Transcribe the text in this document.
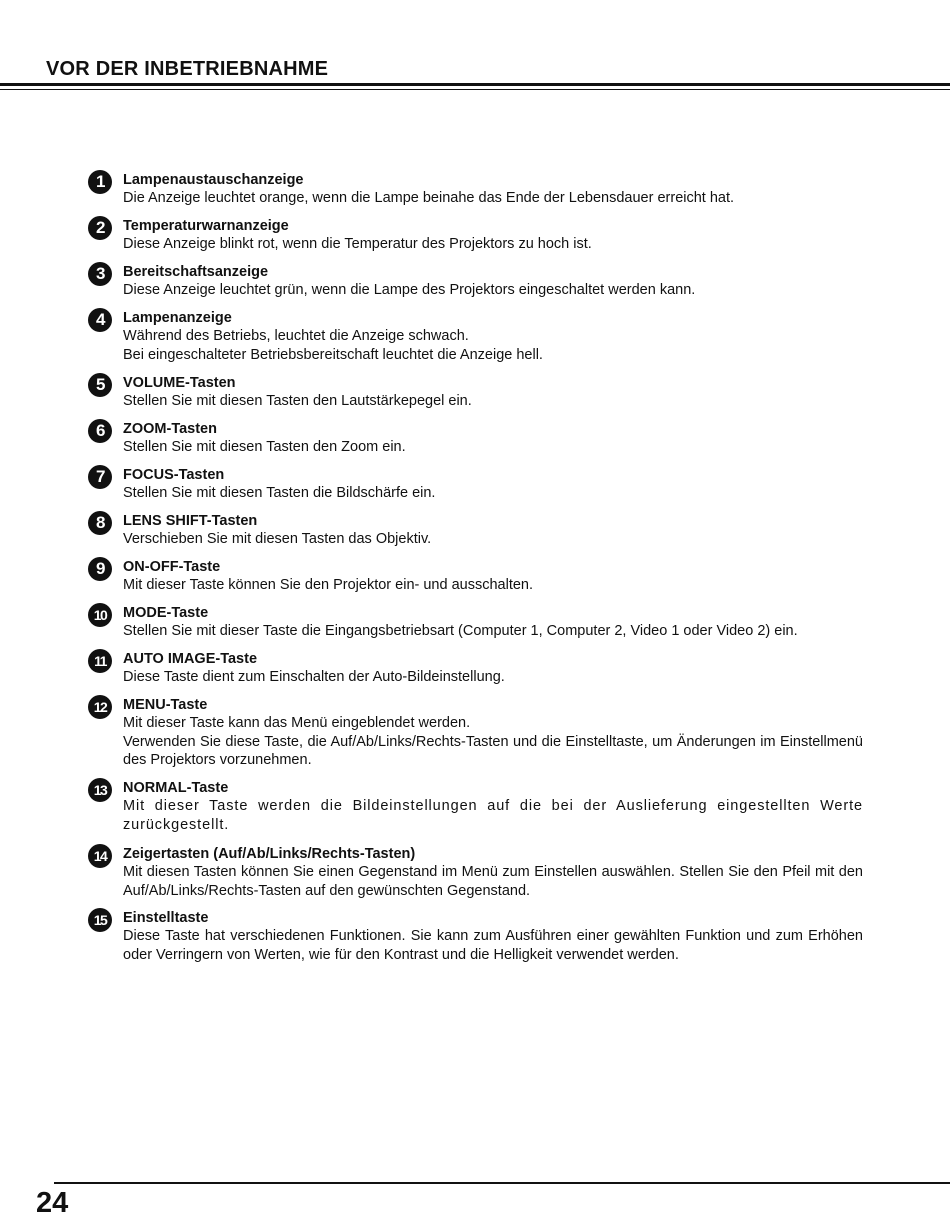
VOR DER INBETRIEBNAHME
1	Lampenaustauschanzeige

Die Anzeige leuchtet orange, wenn die Lampe beinahe das Ende der Lebensdauer erreicht hat.

2	Temperaturwarnanzeige

Diese Anzeige blinkt rot, wenn die Temperatur des Projektors zu hoch ist.

3	Bereitschaftsanzeige

Diese Anzeige leuchtet grün, wenn die Lampe des Projektors eingeschaltet werden kann.

4	Lampenanzeige

Während des Betriebs, leuchtet die Anzeige schwach.

Bei eingeschalteter Betriebsbereitschaft leuchtet die Anzeige hell.

5	VOLUME-Tasten

Stellen Sie mit diesen Tasten den Lautstärkepegel ein.

6	ZOOM-Tasten

Stellen Sie mit diesen Tasten den Zoom ein.

7	FOCUS-Tasten

Stellen Sie mit diesen Tasten die Bildschärfe ein.

8	LENS SHIFT-Tasten

Verschieben Sie mit diesen Tasten das Objektiv.

9	ON-OFF-Taste

Mit dieser Taste können Sie den Projektor ein- und ausschalten.

10	MODE-Taste

Stellen Sie mit dieser Taste die Eingangsbetriebsart (Computer 1, Computer 2, Video 1 oder Video 2) ein.

11	AUTO IMAGE-Taste

Diese Taste dient zum Einschalten der Auto-Bildeinstellung.

12	MENU-Taste

Mit dieser Taste kann das Menü eingeblendet werden.

Verwenden Sie diese Taste, die Auf/Ab/Links/Rechts-Tasten und die Einstelltaste, um Änderungen im Einstellmenü des Projektors vorzunehmen.

13	NORMAL-Taste

Mit dieser Taste werden die Bildeinstellungen auf die bei der Auslieferung eingestellten Werte zurückgestellt.

14	Zeigertasten (Auf/Ab/Links/Rechts-Tasten)

Mit diesen Tasten können Sie einen Gegenstand im Menü zum Einstellen auswählen. Stellen Sie den Pfeil mit den Auf/Ab/Links/Rechts-Tasten auf den gewünschten Gegenstand.

15	Einstelltaste

Diese Taste hat verschiedenen Funktionen. Sie kann zum Ausführen einer gewählten Funktion und zum Erhöhen oder Verringern von Werten, wie für den Kontrast und die Helligkeit verwendet werden.

24
